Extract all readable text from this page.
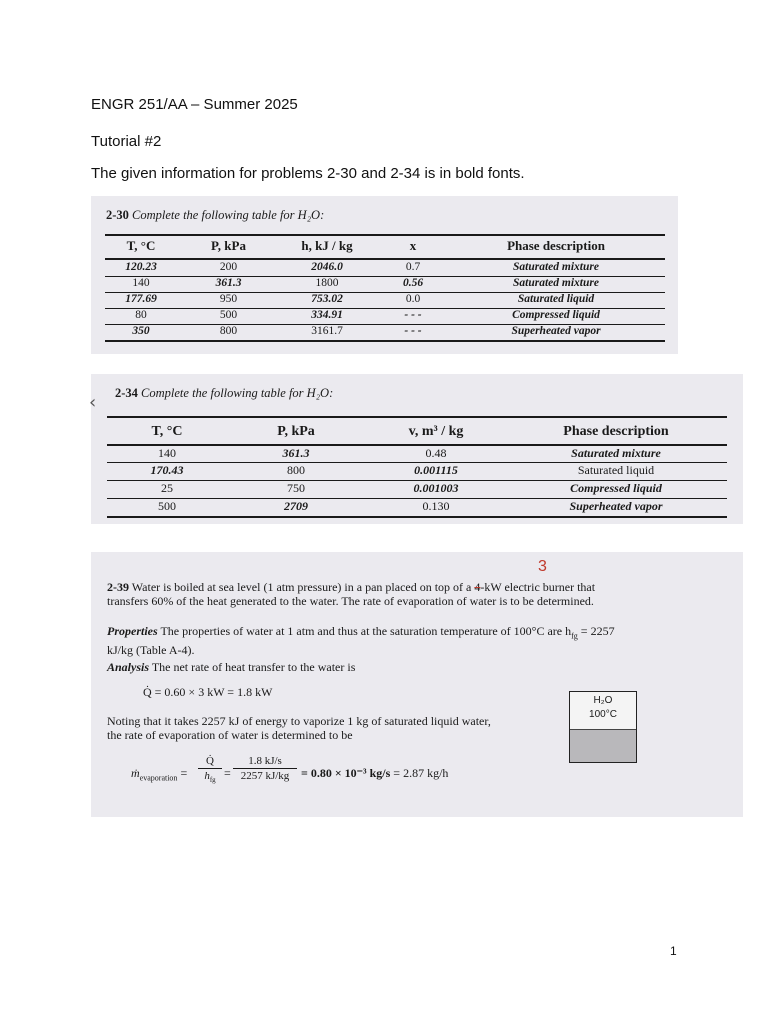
ENGR 251/AA – Summer 2025
Tutorial #2
The given information for problems 2-30 and 2-34 is in bold fonts.
2-30 Complete the following table for H₂O:
T, °C	P, kPa	h, kJ / kg	x	Phase description
120.23	200	2046.0	0.7	Saturated mixture
140	361.3	1800	0.56	Saturated mixture
177.69	950	753.02	0.0	Saturated liquid
80	500	334.91	- - -	Compressed liquid
350	800	3161.7	- - -	Superheated vapor
‹ 2-34 Complete the following table for H₂O:
T, °C	P, kPa	v, m³ / kg	Phase description
140	361.3	0.48	Saturated mixture
170.43	800	0.001115	Saturated liquid
25	750	0.001003	Compressed liquid
500	2709	0.130	Superheated vapor
2-39 Water is boiled at sea level (1 atm pressure) in a pan placed on top of a 4-kW electric burner that
transfers 60% of the heat generated to the water. The rate of evaporation of water is to be determined.
3
Properties The properties of water at 1 atm and thus at the saturation temperature of 100°C are $h_{fg} = 2257$
kJ/kg (Table A-4).
Analysis The net rate of heat transfer to the water is
Q̇ = 0.60 × 3 kW = 1.8 kW
Noting that it takes 2257 kJ of energy to vaporize 1 kg of saturated liquid water,
the rate of evaporation of water is determined to be
ṁ$_{evaporation}$ =
Q̇
$h_{fg}$
= $\frac{1.8 kJ/s}{2257 kJ/kg} = 0.80 \times 10^{-3}$ kg/s = 2.87 kg/h
H₂O
100°C
1
